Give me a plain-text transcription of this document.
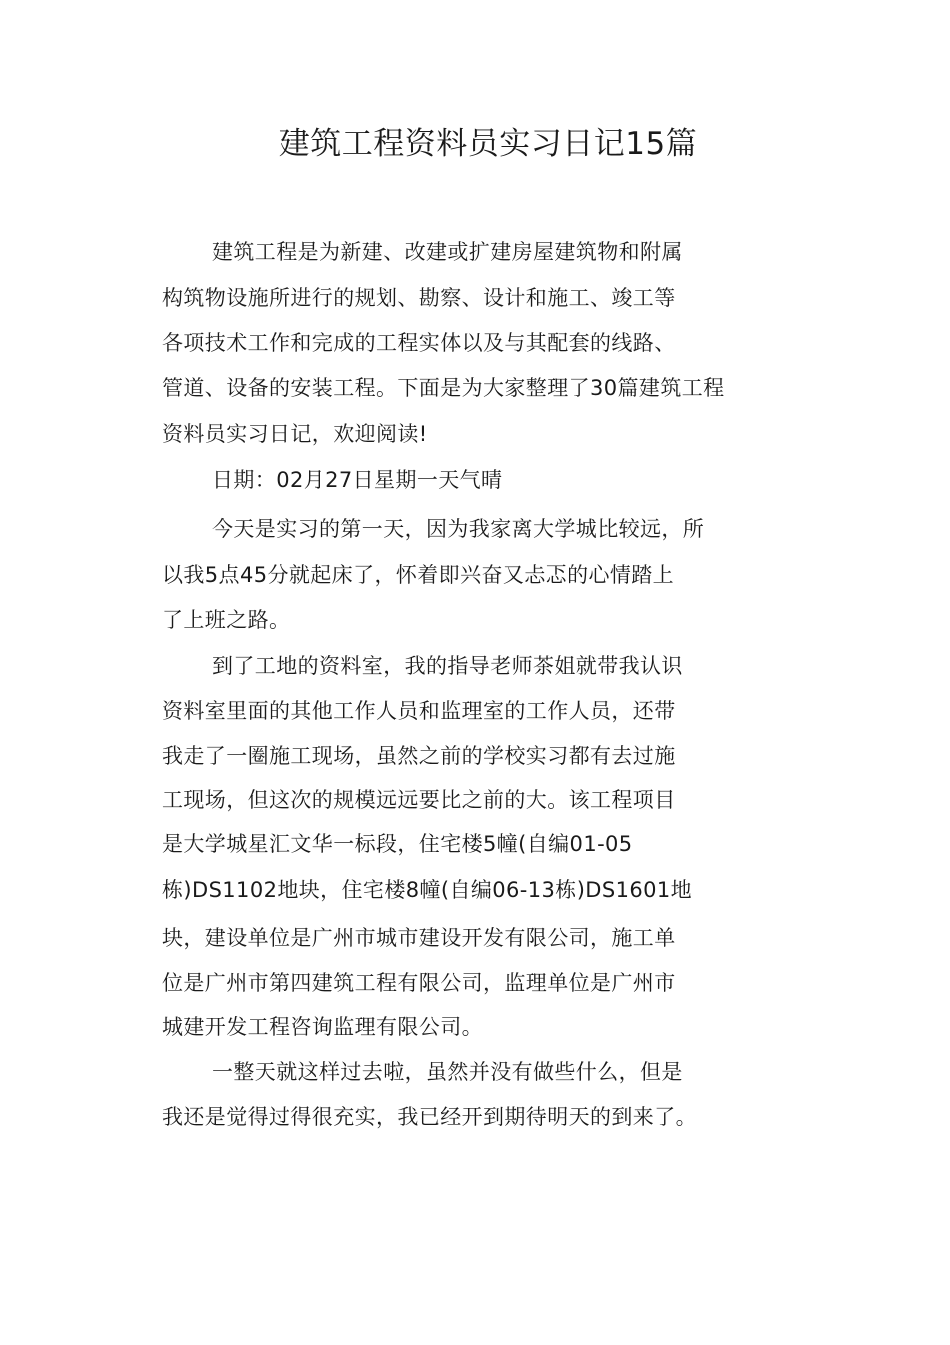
建筑工程资料员实习日记15篇

建筑工程是为新建、改建或扩建房屋建筑物和附属

构筑物设施所进行的规划、勘察、设计和施工、竣工等

各项技术工作和完成的工程实体以及与其配套的线路、

管道、设备的安装工程。下面是为大家整理了30篇建筑工程

资料员实习日记，欢迎阅读!

日期：02月27日星期一天气晴

今天是实习的第一天，因为我家离大学城比较远，所

以我5点45分就起床了，怀着即兴奋又忐忑的心情踏上

了上班之路。

到了工地的资料室，我的指导老师茶姐就带我认识

资料室里面的其他工作人员和监理室的工作人员，还带

我走了一圈施工现场，虽然之前的学校实习都有去过施

工现场，但这次的规模远远要比之前的大。该工程项目

是大学城星汇文华一标段，住宅楼5幢(自编01-05

栋)DS1102地块，住宅楼8幢(自编06-13栋)DS1601地

块，建设单位是广州市城市建设开发有限公司，施工单

位是广州市第四建筑工程有限公司，监理单位是广州市

城建开发工程咨询监理有限公司。

一整天就这样过去啦，虽然并没有做些什么，但是

我还是觉得过得很充实，我已经开到期待明天的到来了。
